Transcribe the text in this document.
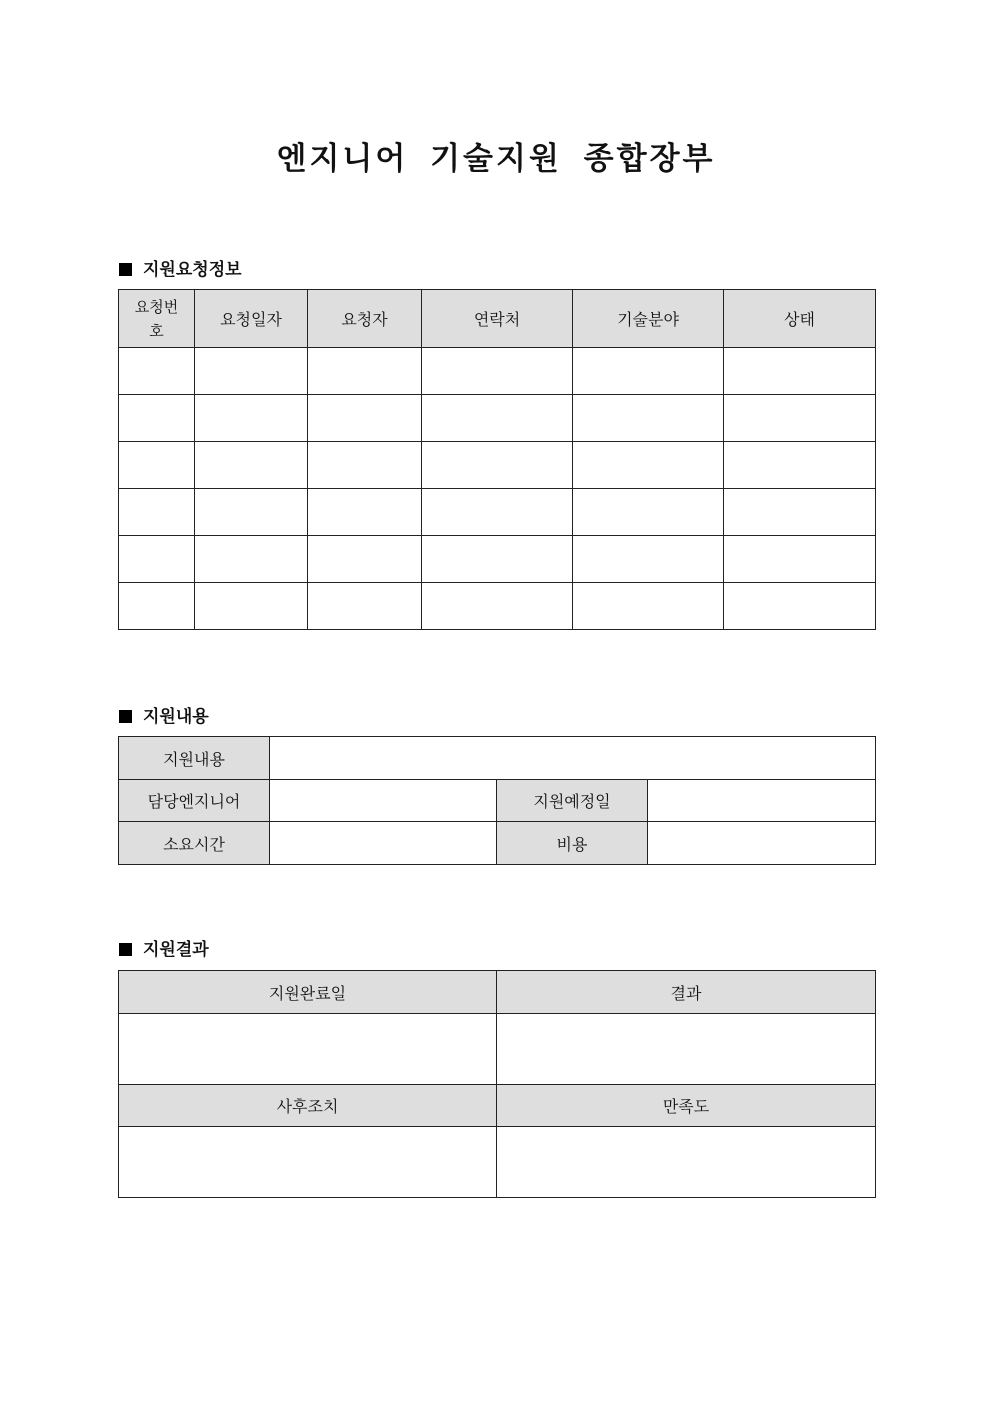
엔지니어 기술지원 종합장부
지원요청정보
요청번호	요청일자	요청자	연락처	기술분야	상태

지원내용
지원내용			
담당엔지니어		지원예정일	
소요시간		비용	
지원결과
지원완료일	결과

사후조치	만족도
